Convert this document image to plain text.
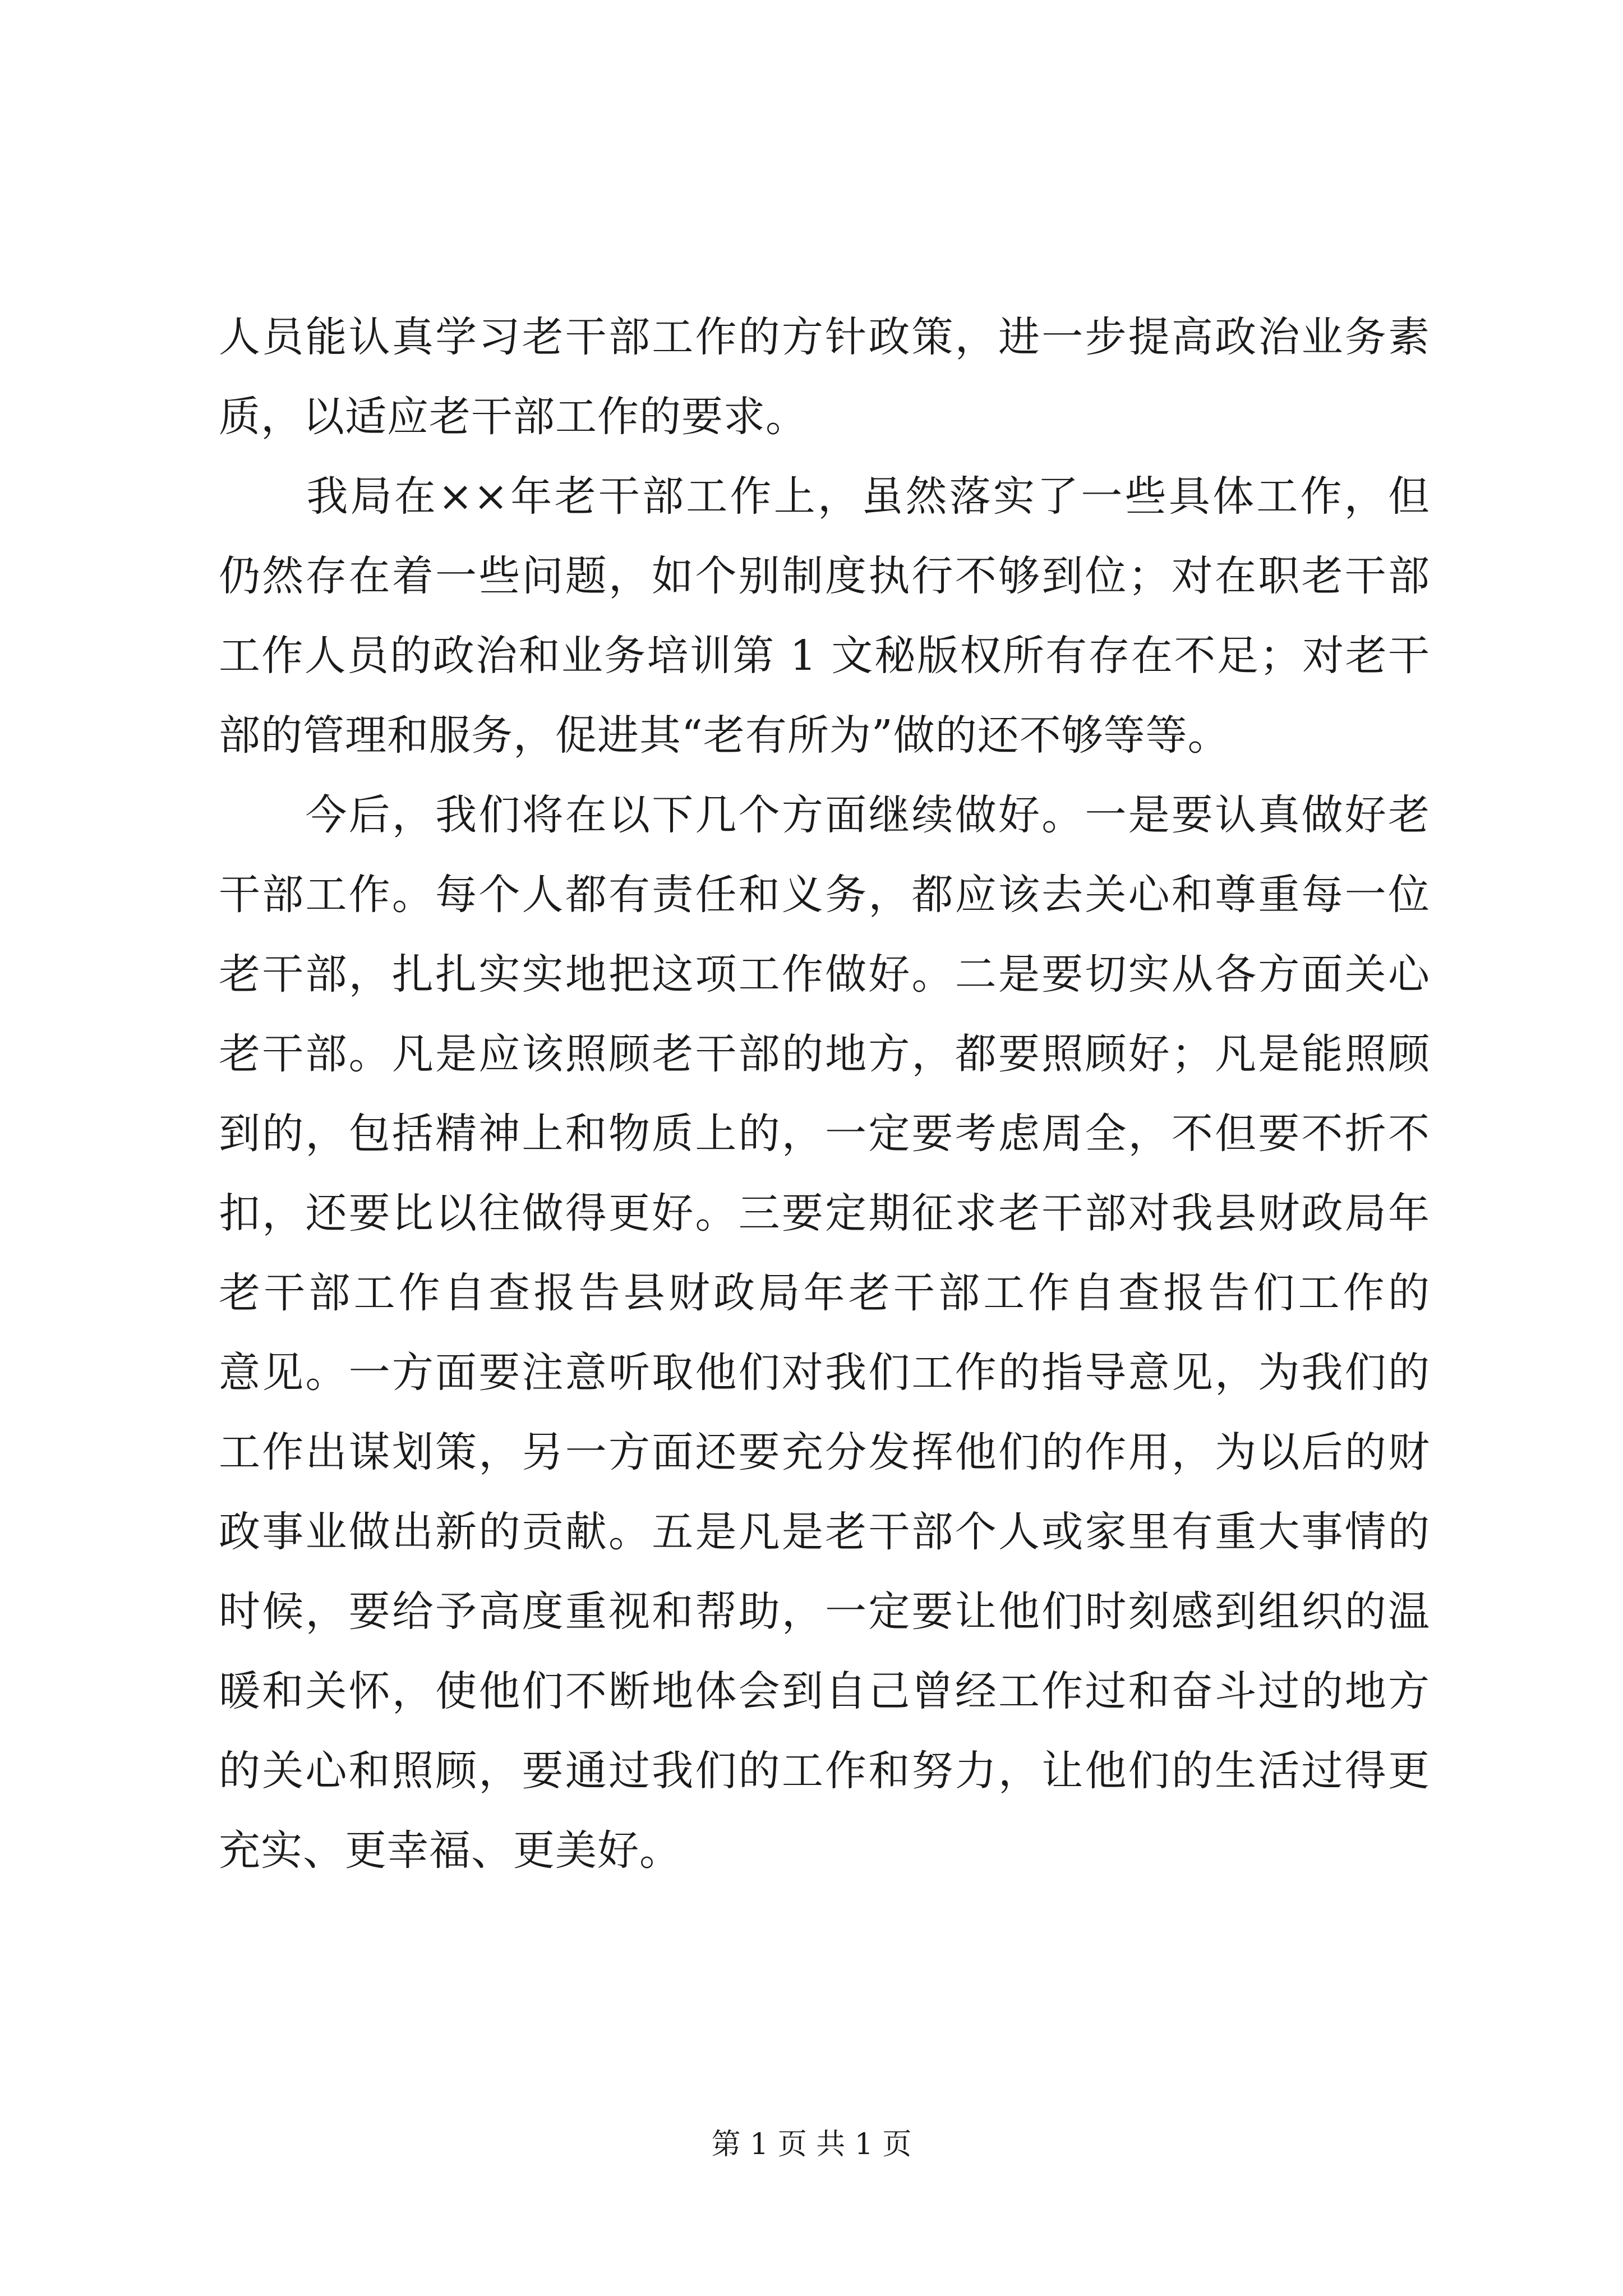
人员能认真学习老干部工作的方针政策，进一步提高政治业务素
质，以适应老干部工作的要求。

　　我局在××年老干部工作上，虽然落实了一些具体工作，但
仍然存在着一些问题，如个别制度执行不够到位；对在职老干部
工作人员的政治和业务培训第 1 文秘版权所有存在不足；对老干
部的管理和服务，促进其“老有所为”做的还不够等等。

　　今后，我们将在以下几个方面继续做好。一是要认真做好老
干部工作。每个人都有责任和义务，都应该去关心和尊重每一位
老干部，扎扎实实地把这项工作做好。二是要切实从各方面关心
老干部。凡是应该照顾老干部的地方，都要照顾好；凡是能照顾
到的，包括精神上和物质上的，一定要考虑周全，不但要不折不
扣，还要比以往做得更好。三要定期征求老干部对我县财政局年
老干部工作自查报告县财政局年老干部工作自查报告们工作的
意见。一方面要注意听取他们对我们工作的指导意见，为我们的
工作出谋划策，另一方面还要充分发挥他们的作用，为以后的财
政事业做出新的贡献。五是凡是老干部个人或家里有重大事情的
时候，要给予高度重视和帮助，一定要让他们时刻感到组织的温
暖和关怀，使他们不断地体会到自己曾经工作过和奋斗过的地方
的关心和照顾，要通过我们的工作和努力，让他们的生活过得更
充实、更幸福、更美好。

第 1 页 共 1 页
